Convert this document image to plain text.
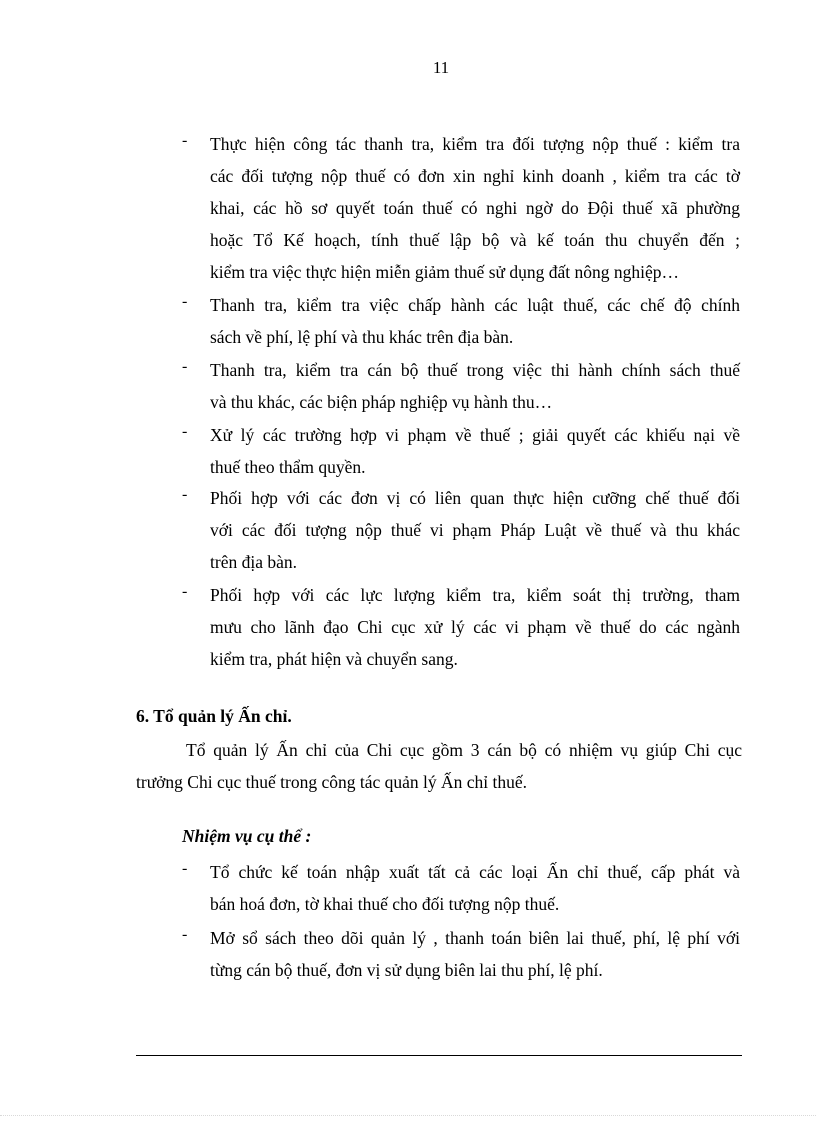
11
- Thực hiện công tác thanh tra, kiểm tra đối tượng nộp thuế : kiểm tra
các đối tượng nộp thuế có đơn xin nghỉ kinh doanh , kiểm tra các tờ
khai, các hồ sơ quyết toán thuế có nghi ngờ do Đội thuế xã phường
hoặc Tổ Kế hoạch, tính thuế lập bộ và kế toán thu chuyển đến ;
kiểm tra việc thực hiện miễn giảm thuế sử dụng đất nông nghiệp…
- Thanh tra, kiểm tra việc chấp hành các luật thuế, các chế độ chính
sách về phí, lệ phí và thu khác trên địa bàn.
- Thanh tra, kiểm tra cán bộ thuế trong việc thi hành chính sách thuế
và thu khác, các biện pháp nghiệp vụ hành thu…
- Xử lý các trường hợp vi phạm về thuế ; giải quyết các khiếu nại về
thuế theo thẩm quyền.
- Phối hợp với các đơn vị có liên quan thực hiện cưỡng chế thuế đối
với các đối tượng nộp thuế vi phạm Pháp Luật về thuế và thu khác
trên địa bàn.
- Phối hợp với các lực lượng kiểm tra, kiểm soát thị trường, tham
mưu cho lãnh đạo Chi cục xử lý các vi phạm về thuế do các ngành
kiểm tra, phát hiện và chuyển sang.
6. Tổ quản lý Ấn chỉ.
Tổ quản lý Ấn chỉ của Chi cục gồm 3 cán bộ có nhiệm vụ giúp Chi cục
trưởng Chi cục thuế trong công tác quản lý Ấn chỉ thuế.
Nhiệm vụ cụ thể :
- Tổ chức kế toán nhập xuất tất cả các loại Ấn chỉ thuế, cấp phát và
bán hoá đơn, tờ khai thuế cho đối tượng nộp thuế.
- Mở sổ sách theo dõi quản lý , thanh toán biên lai thuế, phí, lệ phí với
từng cán bộ thuế, đơn vị sử dụng biên lai thu phí, lệ phí.
